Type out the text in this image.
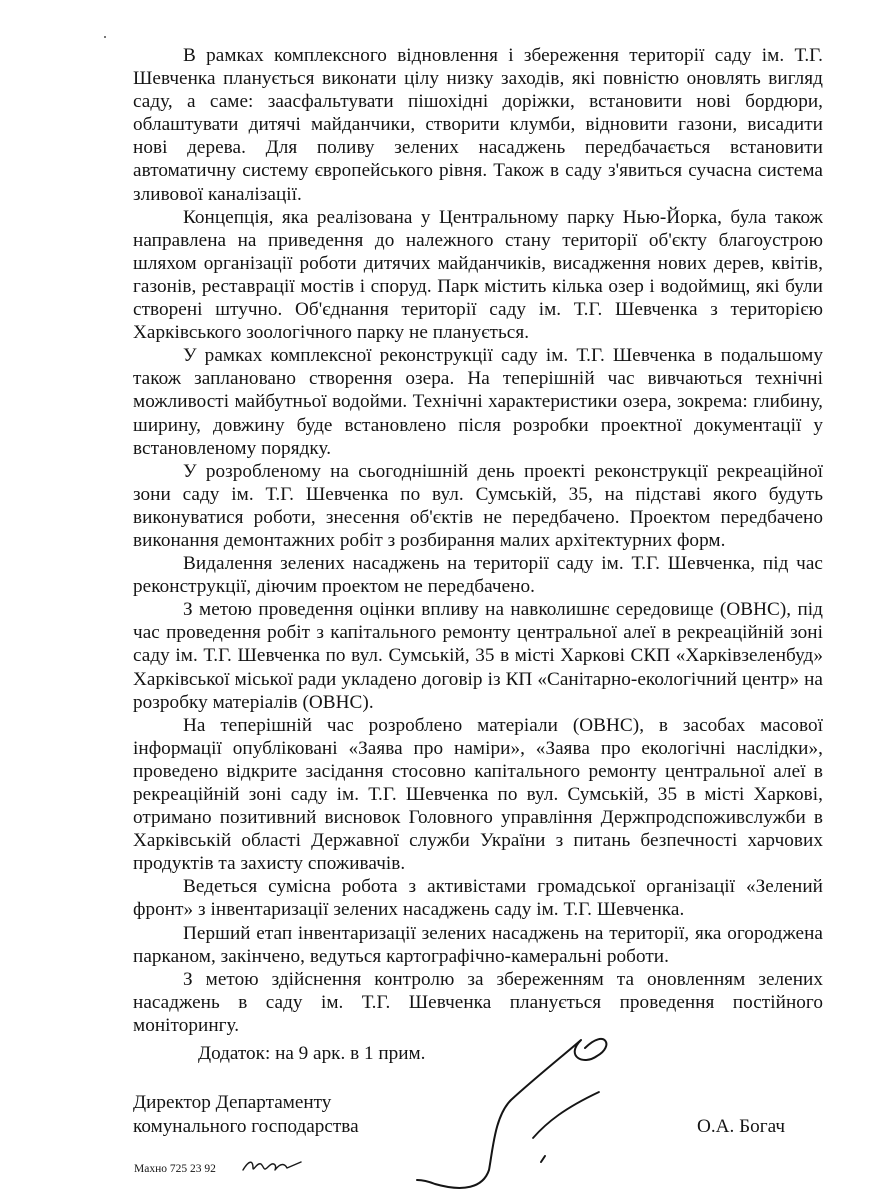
В рамках комплексного відновлення і збереження території саду ім. Т.Г. Шевченка планується виконати цілу низку заходів, які повністю оновлять вигляд саду, а саме: заасфальтувати пішохідні доріжки, встановити нові бордюри, облаштувати дитячі майданчики, створити клумби, відновити газони, висадити нові дерева. Для поливу зелених насаджень передбачається встановити автоматичну систему європейського рівня. Також в саду з'явиться сучасна система зливової каналізації.

Концепція, яка реалізована у Центральному парку Нью-Йорка, була також направлена на приведення до належного стану території об'єкту благоустрою шляхом організації роботи дитячих майданчиків, висадження нових дерев, квітів, газонів, реставрації мостів і споруд. Парк містить кілька озер і водоймищ, які були створені штучно. Об'єднання території саду ім. Т.Г. Шевченка з територією Харківського зоологічного парку не планується.

У рамках комплексної реконструкції саду ім. Т.Г. Шевченка в подальшому також заплановано створення озера. На теперішній час вивчаються технічні можливості майбутньої водойми. Технічні характеристики озера, зокрема: глибину, ширину, довжину буде встановлено після розробки проектної документації у встановленому порядку.

У розробленому на сьогоднішній день проекті реконструкції рекреаційної зони саду ім. Т.Г. Шевченка по вул. Сумській, 35, на підставі якого будуть виконуватися роботи, знесення об'єктів не передбачено. Проектом передбачено виконання демонтажних робіт з розбирання малих архітектурних форм.

Видалення зелених насаджень на території саду ім. Т.Г. Шевченка, під час реконструкції, діючим проектом не передбачено.

З метою проведення оцінки впливу на навколишнє середовище (ОВНС), під час проведення робіт з капітального ремонту центральної алеї в рекреаційній зоні саду ім. Т.Г. Шевченка по вул. Сумській, 35 в місті Харкові СКП «Харківзеленбуд» Харківської міської ради укладено договір із КП «Санітарно-екологічний центр» на розробку матеріалів (ОВНС).

На теперішній час розроблено матеріали (ОВНС), в засобах масової інформації опубліковані «Заява про наміри», «Заява про екологічні наслідки», проведено відкрите засідання стосовно капітального ремонту центральної алеї в рекреаційній зоні саду ім. Т.Г. Шевченка по вул. Сумській, 35 в місті Харкові, отримано позитивний висновок Головного управління Держпродспоживслужби в Харківській області Державної служби України з питань безпечності харчових продуктів та захисту споживачів.

Ведеться сумісна робота з активістами громадської організації «Зелений фронт» з інвентаризації зелених насаджень саду ім. Т.Г. Шевченка.

Перший етап інвентаризації зелених насаджень на території, яка огороджена парканом, закінчено, ведуться картографічно-камеральні роботи.

З метою здійснення контролю за збереженням та оновленням зелених насаджень в саду ім. Т.Г. Шевченка планується проведення постійного моніторингу.

Додаток: на 9 арк. в 1 прим.

Директор Департаменту
комунального господарства	О.А. Богач

Махно 725 23 92
